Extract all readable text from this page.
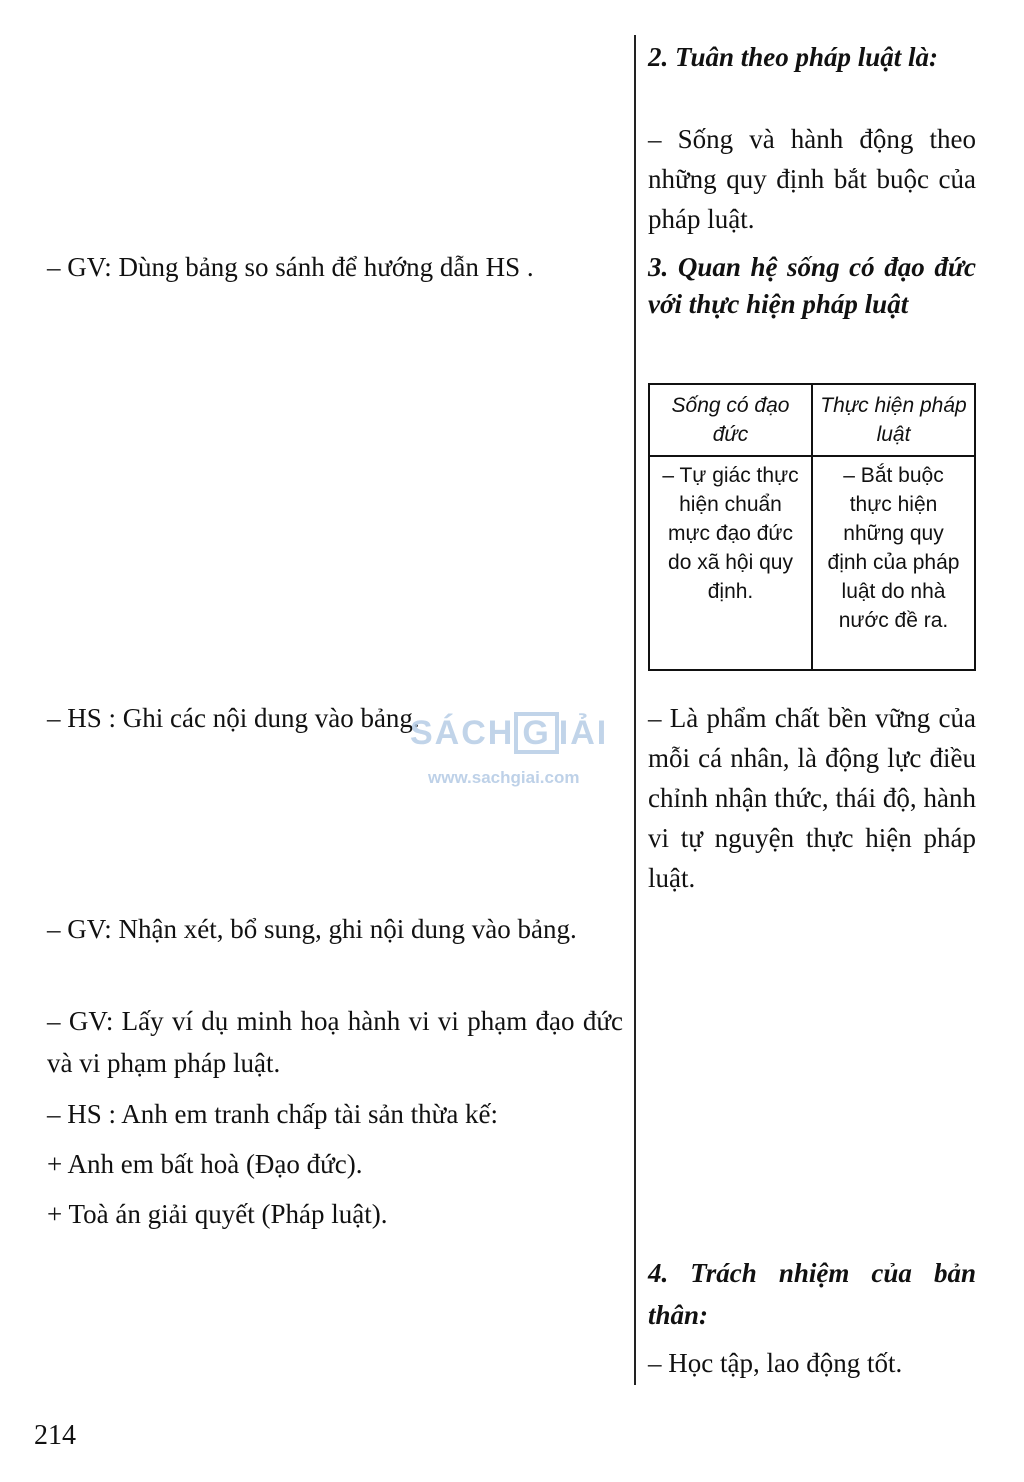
– GV: Dùng bảng so sánh để hướng dẫn HS .
– HS : Ghi các nội dung vào bảng.
– GV: Nhận xét, bổ sung, ghi nội dung vào bảng.
– GV: Lấy ví dụ minh hoạ hành vi vi phạm đạo đức và vi phạm pháp luật.
– HS : Anh em tranh chấp tài sản thừa kế:
+ Anh em bất hoà (Đạo đức).
+ Toà án giải quyết (Pháp luật).
2. Tuân theo pháp luật là:
– Sống và hành động theo những quy định bắt buộc của pháp luật.
3. Quan hệ sống có đạo đức với thực hiện pháp luật
Sống có đạo đức	Thực hiện pháp luật
– Tự giác thực hiện chuẩn mực đạo đức do xã hội quy định.	– Bắt buộc thực hiện những quy định của pháp luật do nhà nước đề ra.
– Là phẩm chất bền vững của mỗi cá nhân, là động lực điều chỉnh nhận thức, thái độ, hành vi tự nguyện thực hiện pháp luật.
4. Trách nhiệm của bản thân:
– Học tập, lao động tốt.
SÁCH G IẢI
www.sachgiai.com
214
